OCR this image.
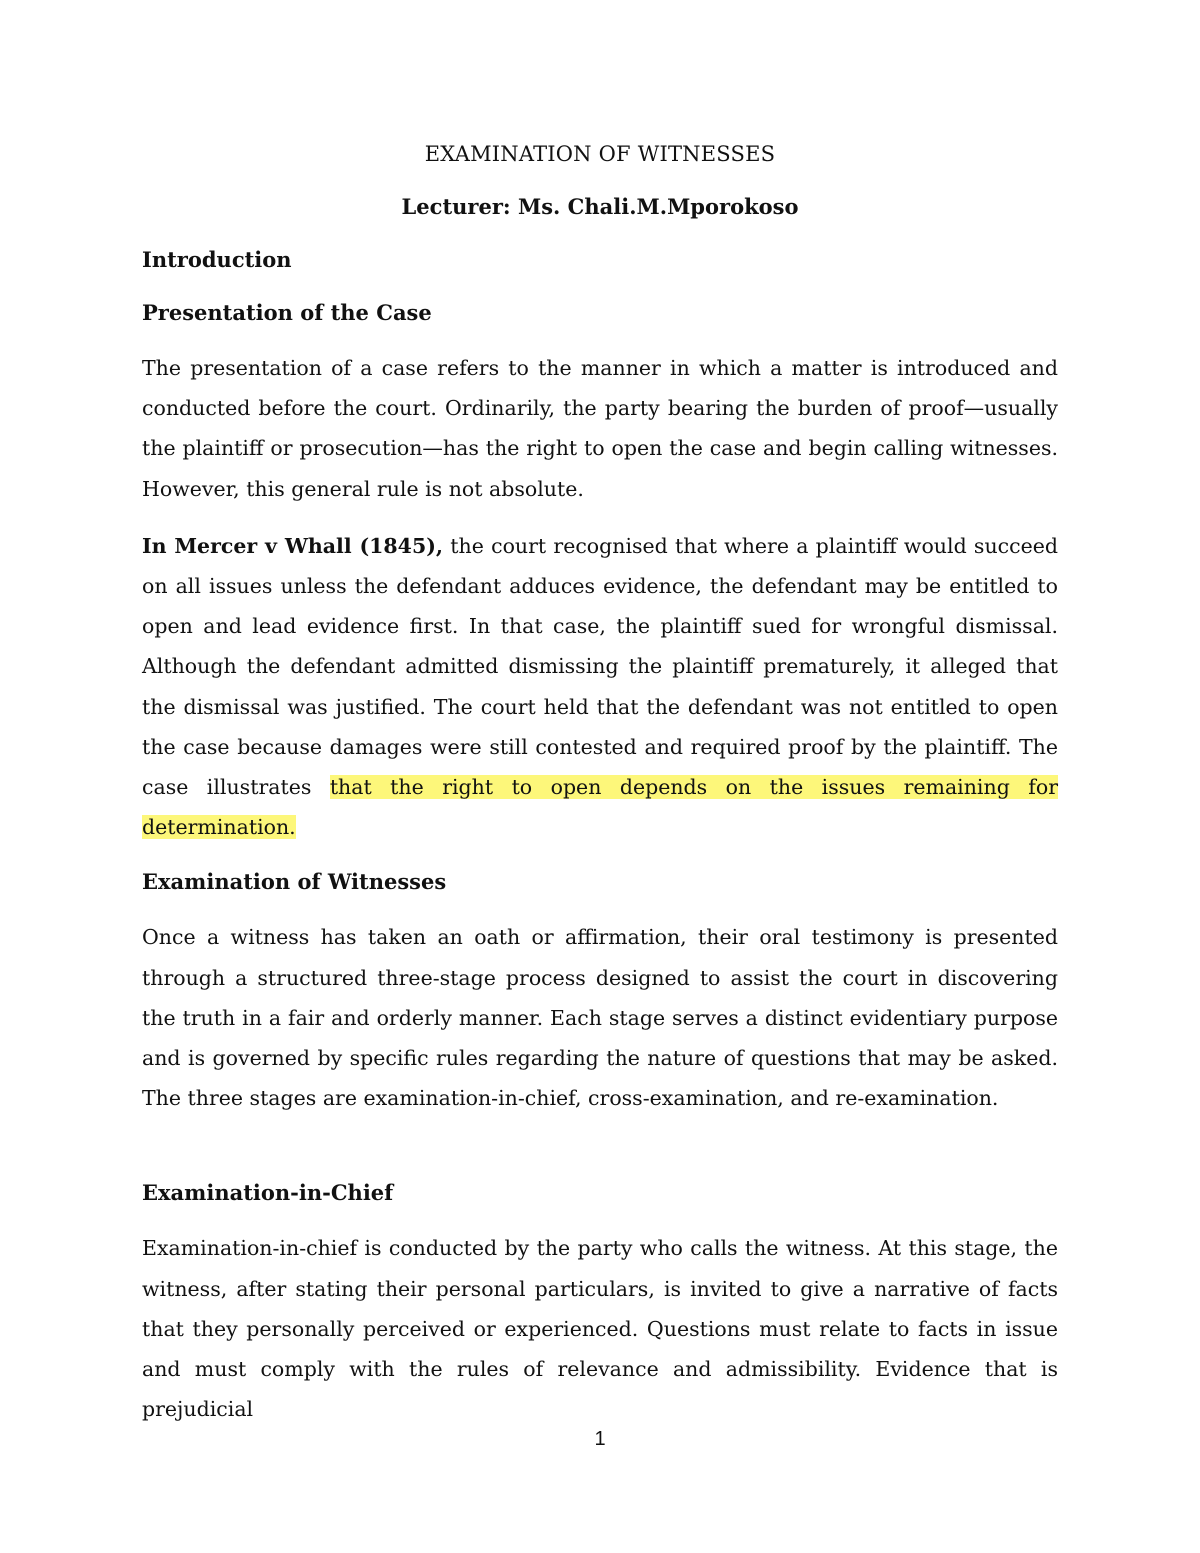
EXAMINATION OF WITNESSES
Lecturer: Ms. Chali.M.Mporokoso
Introduction
Presentation of the Case

The presentation of a case refers to the manner in which a matter is introduced and conducted before the court. Ordinarily, the party bearing the burden of proof—usually the plaintiff or prosecution—has the right to open the case and begin calling witnesses. However, this general rule is not absolute.

In Mercer v Whall (1845), the court recognised that where a plaintiff would succeed on all issues unless the defendant adduces evidence, the defendant may be entitled to open and lead evidence first. In that case, the plaintiff sued for wrongful dismissal. Although the defendant admitted dismissing the plaintiff prematurely, it alleged that the dismissal was justified. The court held that the defendant was not entitled to open the case because damages were still contested and required proof by the plaintiff. The case illustrates that the right to open depends on the issues remaining for determination.

Examination of Witnesses

Once a witness has taken an oath or affirmation, their oral testimony is presented through a structured three-stage process designed to assist the court in discovering the truth in a fair and orderly manner. Each stage serves a distinct evidentiary purpose and is governed by specific rules regarding the nature of questions that may be asked. The three stages are examination-in-chief, cross-examination, and re-examination.

Examination-in-Chief

Examination-in-chief is conducted by the party who calls the witness. At this stage, the witness, after stating their personal particulars, is invited to give a narrative of facts that they personally perceived or experienced. Questions must relate to facts in issue and must comply with the rules of relevance and admissibility. Evidence that is prejudicial

1
